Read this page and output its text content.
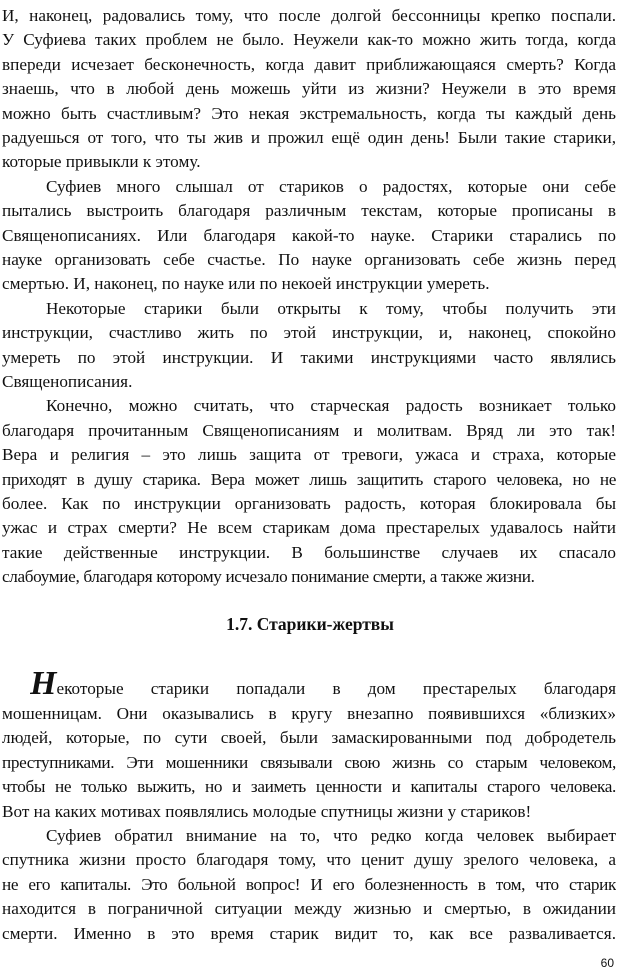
И, наконец, радовались тому, что после долгой бессонницы крепко поспали.
У Суфиева таких проблем не было. Неужели как-то можно жить тогда, когда
впереди исчезает бесконечность, когда давит приближающаяся смерть? Когда
знаешь, что в любой день можешь уйти из жизни? Неужели в это время
можно быть счастливым? Это некая экстремальность, когда ты каждый день
радуешься от того, что ты жив и прожил ещё один день! Были такие старики,
которые привыкли к этому.
Суфиев много слышал от стариков о радостях, которые они себе
пытались выстроить благодаря различным текстам, которые прописаны в
Священописаниях. Или благодаря какой-то науке. Старики старались по
науке организовать себе счастье. По науке организовать себе жизнь перед
смертью. И, наконец, по науке или по некоей инструкции умереть.
Некоторые старики были открыты к тому, чтобы получить эти
инструкции, счастливо жить по этой инструкции, и, наконец, спокойно
умереть по этой инструкции. И такими инструкциями часто являлись
Священописания.
Конечно, можно считать, что старческая радость возникает только
благодаря прочитанным Священописаниям и молитвам. Вряд ли это так!
Вера и религия – это лишь защита от тревоги, ужаса и страха, которые
приходят в душу старика. Вера может лишь защитить старого человека, но не
более. Как по инструкции организовать радость, которая блокировала бы
ужас и страх смерти? Не всем старикам дома престарелых удавалось найти
такие действенные инструкции. В большинстве случаев их спасало
слабоумие, благодаря которому исчезало понимание смерти, а также жизни.
1.7. Старики-жертвы
Некоторые старики попадали в дом престарелых благодаря
мошенницам. Они оказывались в кругу внезапно появившихся «близких»
людей, которые, по сути своей, были замаскированными под добродетель
преступниками. Эти мошенники связывали свою жизнь со старым человеком,
чтобы не только выжить, но и заиметь ценности и капиталы старого человека.
Вот на каких мотивах появлялись молодые спутницы жизни у стариков!
Суфиев обратил внимание на то, что редко когда человек выбирает
спутника жизни просто благодаря тому, что ценит душу зрелого человека, а
не его капиталы. Это больной вопрос! И его болезненность в том, что старик
находится в пограничной ситуации между жизнью и смертью, в ожидании
смерти. Именно в это время старик видит то, как все разваливается.
60
